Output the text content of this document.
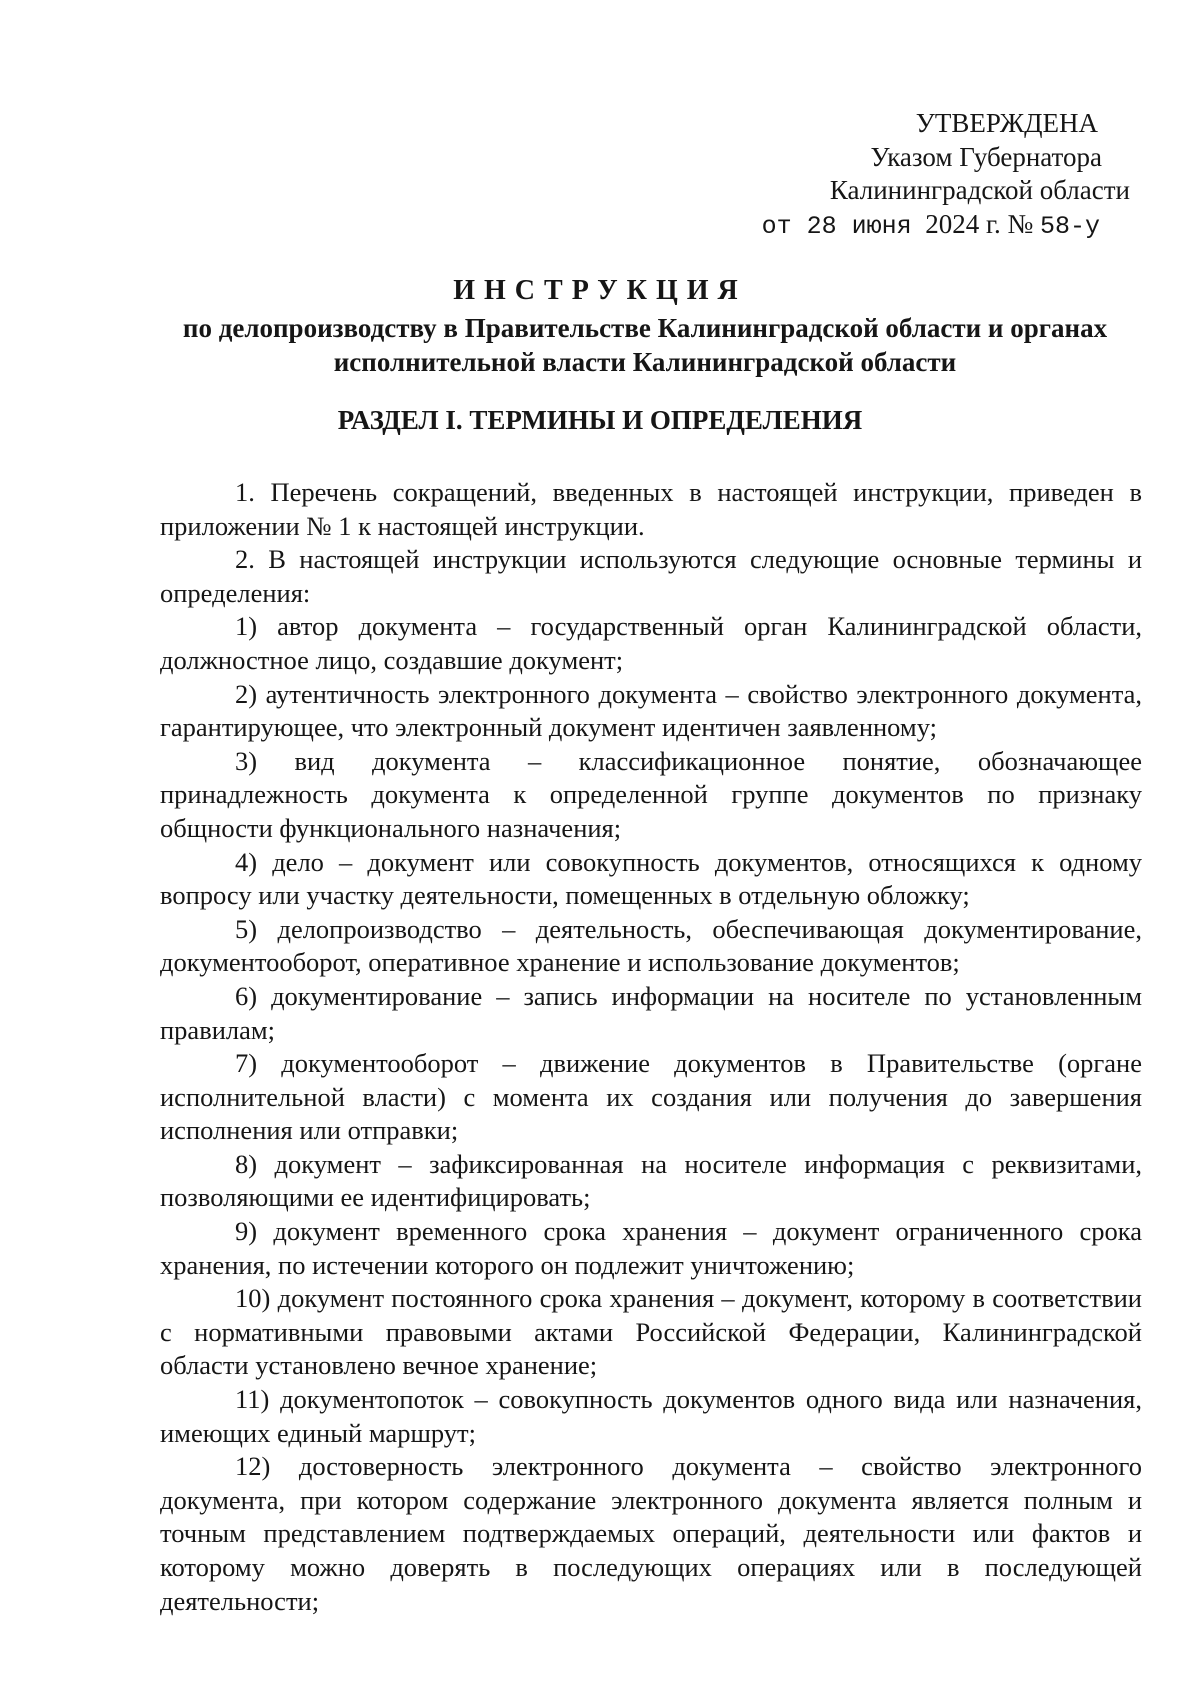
УТВЕРЖДЕНА
Указом Губернатора
Калининградской области
от 28 июня 2024 г. № 58-у
ИНСТРУКЦИЯ
по делопроизводству в Правительстве Калининградской области и органах исполнительной власти Калининградской области
РАЗДЕЛ I. ТЕРМИНЫ И ОПРЕДЕЛЕНИЯ

1. Перечень сокращений, введенных в настоящей инструкции, приведен в приложении № 1 к настоящей инструкции.

2. В настоящей инструкции используются следующие основные термины и определения:

1) автор документа – государственный орган Калининградской области, должностное лицо, создавшие документ;

2) аутентичность электронного документа – свойство электронного документа, гарантирующее, что электронный документ идентичен заявленному;

3) вид документа – классификационное понятие, обозначающее принадлежность документа к определенной группе документов по признаку общности функционального назначения;

4) дело – документ или совокупность документов, относящихся к одному вопросу или участку деятельности, помещенных в отдельную обложку;

5) делопроизводство – деятельность, обеспечивающая документирование, документооборот, оперативное хранение и использование документов;

6) документирование – запись информации на носителе по установленным правилам;

7) документооборот – движение документов в Правительстве (органе исполнительной власти) с момента их создания или получения до завершения исполнения или отправки;

8) документ – зафиксированная на носителе информация с реквизитами, позволяющими ее идентифицировать;

9) документ временного срока хранения – документ ограниченного срока хранения, по истечении которого он подлежит уничтожению;

10) документ постоянного срока хранения – документ, которому в соответствии с нормативными правовыми актами Российской Федерации, Калининградской области установлено вечное хранение;

11) документопоток – совокупность документов одного вида или назначения, имеющих единый маршрут;

12) достоверность электронного документа – свойство электронного документа, при котором содержание электронного документа является полным и точным представлением подтверждаемых операций, деятельности или фактов и которому можно доверять в последующих операциях или в последующей деятельности;
